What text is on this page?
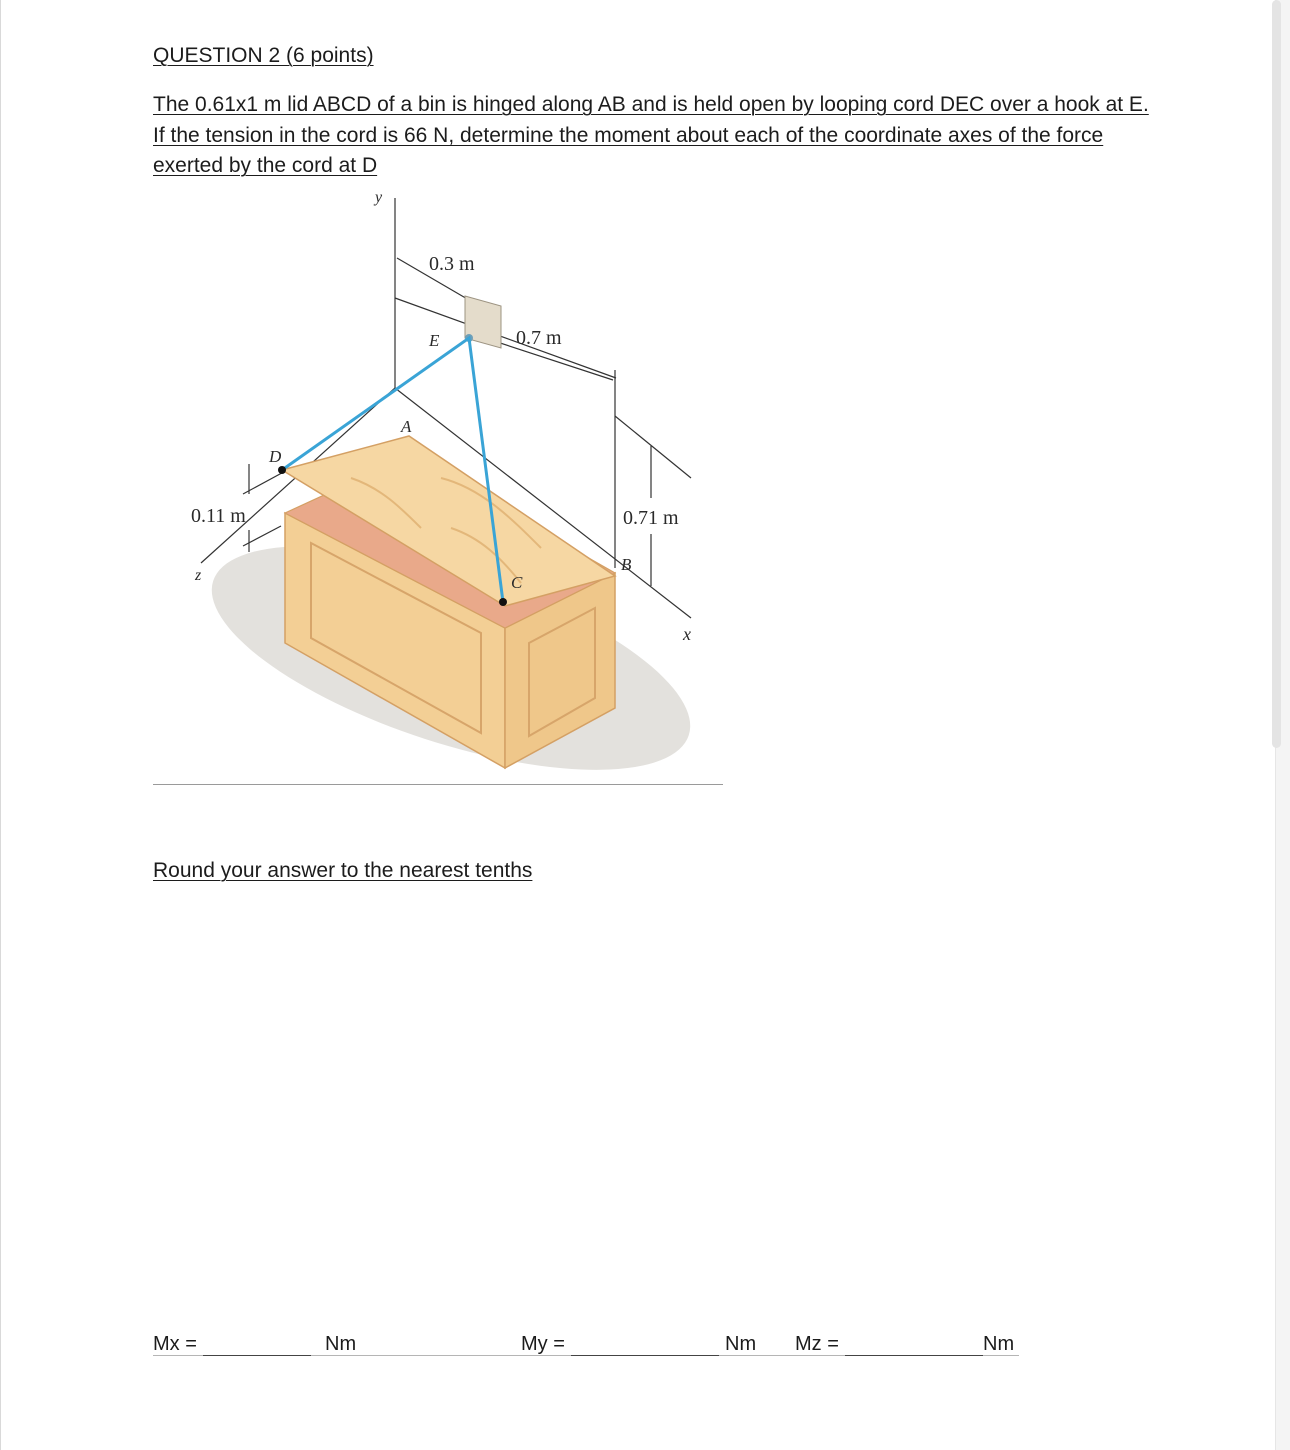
QUESTION 2 (6 points)
The 0.61x1 m lid ABCD of a bin is hinged along AB and is held open by looping cord DEC over a hook at E. If the tension in the cord is 66 N, determine the moment about each of the coordinate axes of the force exerted by the cord at D
y
x
z
0.3 m
0.7 m
0.71 m
0.11 m
A
B
C
D
E
Round your answer to the nearest tenths
Mx =	Nm	My =	Nm Mz =	Nm
